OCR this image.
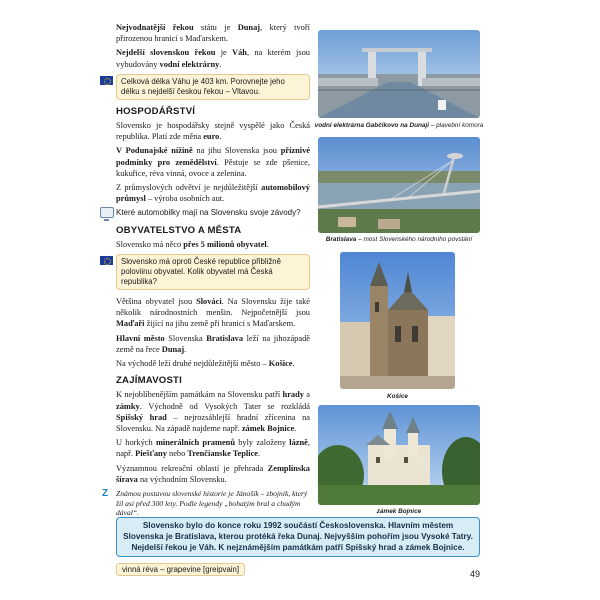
Nejvodnatější řekou státu je Dunaj, který tvoří přirozenou hranici s Maďarskem.

Nejdelší slovenskou řekou je Váh, na kterém jsou vybudovány vodní elektrárny.

Celková délka Váhu je 403 km. Porovnejte jeho délku s nejdelší českou řekou – Vltavou.
HOSPODÁŘSTVÍ

Slovensko je hospodářsky stejně vyspělé jako Česká republika. Platí zde měna euro.

V Podunajské nížině na jihu Slovenska jsou příznivé podmínky pro zemědělství. Pěstuje se zde pšenice, kukuřice, réva vinná, ovoce a zelenina.

Z průmyslových odvětví je nejdůležitější automobilový průmysl – výroba osobních aut.

Které automobilky mají na Slovensku svoje závody?
OBYVATELSTVO A MĚSTA

Slovensko má něco přes 5 milionů obyvatel.

Slovensko má oproti České republice přibližně poloviinu obyvatel. Kolik obyvatel má Česká republika?

Většina obyvatel jsou Slováci. Na Slovensku žije také několik národnostních menšin. Nejpočetnější jsou Maďaři žijící na jihu země při hranici s Maďarskem.

Hlavní město Slovenska Bratislava leží na jihozápadě země na řece Dunaj.

Na východě leží druhé nejdůležitější město – Košice.

ZAJÍMAVOSTI

K nejoblíbenějším památkám na Slovensku patří hrady a zámky. Východně od Vysokých Tater se rozkládá Spišský hrad – nejrozsáhlejší hradní zřícenina na Slovensku. Na západě najdeme např. zámek Bojnice.

U horkých minerálních pramenů byly založeny lázně, např. Piešťany nebo Trenčianske Teplice.

Významnou rekreační oblastí je přehrada Zemplínska šírava na východním Slovensku.

Z Známou postavou slovenské historie je Jánošík – zbojník, který žil asi před 300 lety. Podle legendy „bohatým bral a chudým dával“.
vodní elektrárna Gabčíkovo na Dunaji – plavební komora
Bratislava – most Slovenského národního povstání
Košice
zámek Bojnice
Slovensko bylo do konce roku 1992 součástí Československa. Hlavním městem Slovenska je Bratislava, kterou protéká řeka Dunaj. Nejvyšším pohořím jsou Vysoké Tatry. Nejdelší řekou je Váh. K nejznámějším památkám patří Spišský hrad a zámek Bojnice.
vinná réva – grapevine [greipvain]	49
